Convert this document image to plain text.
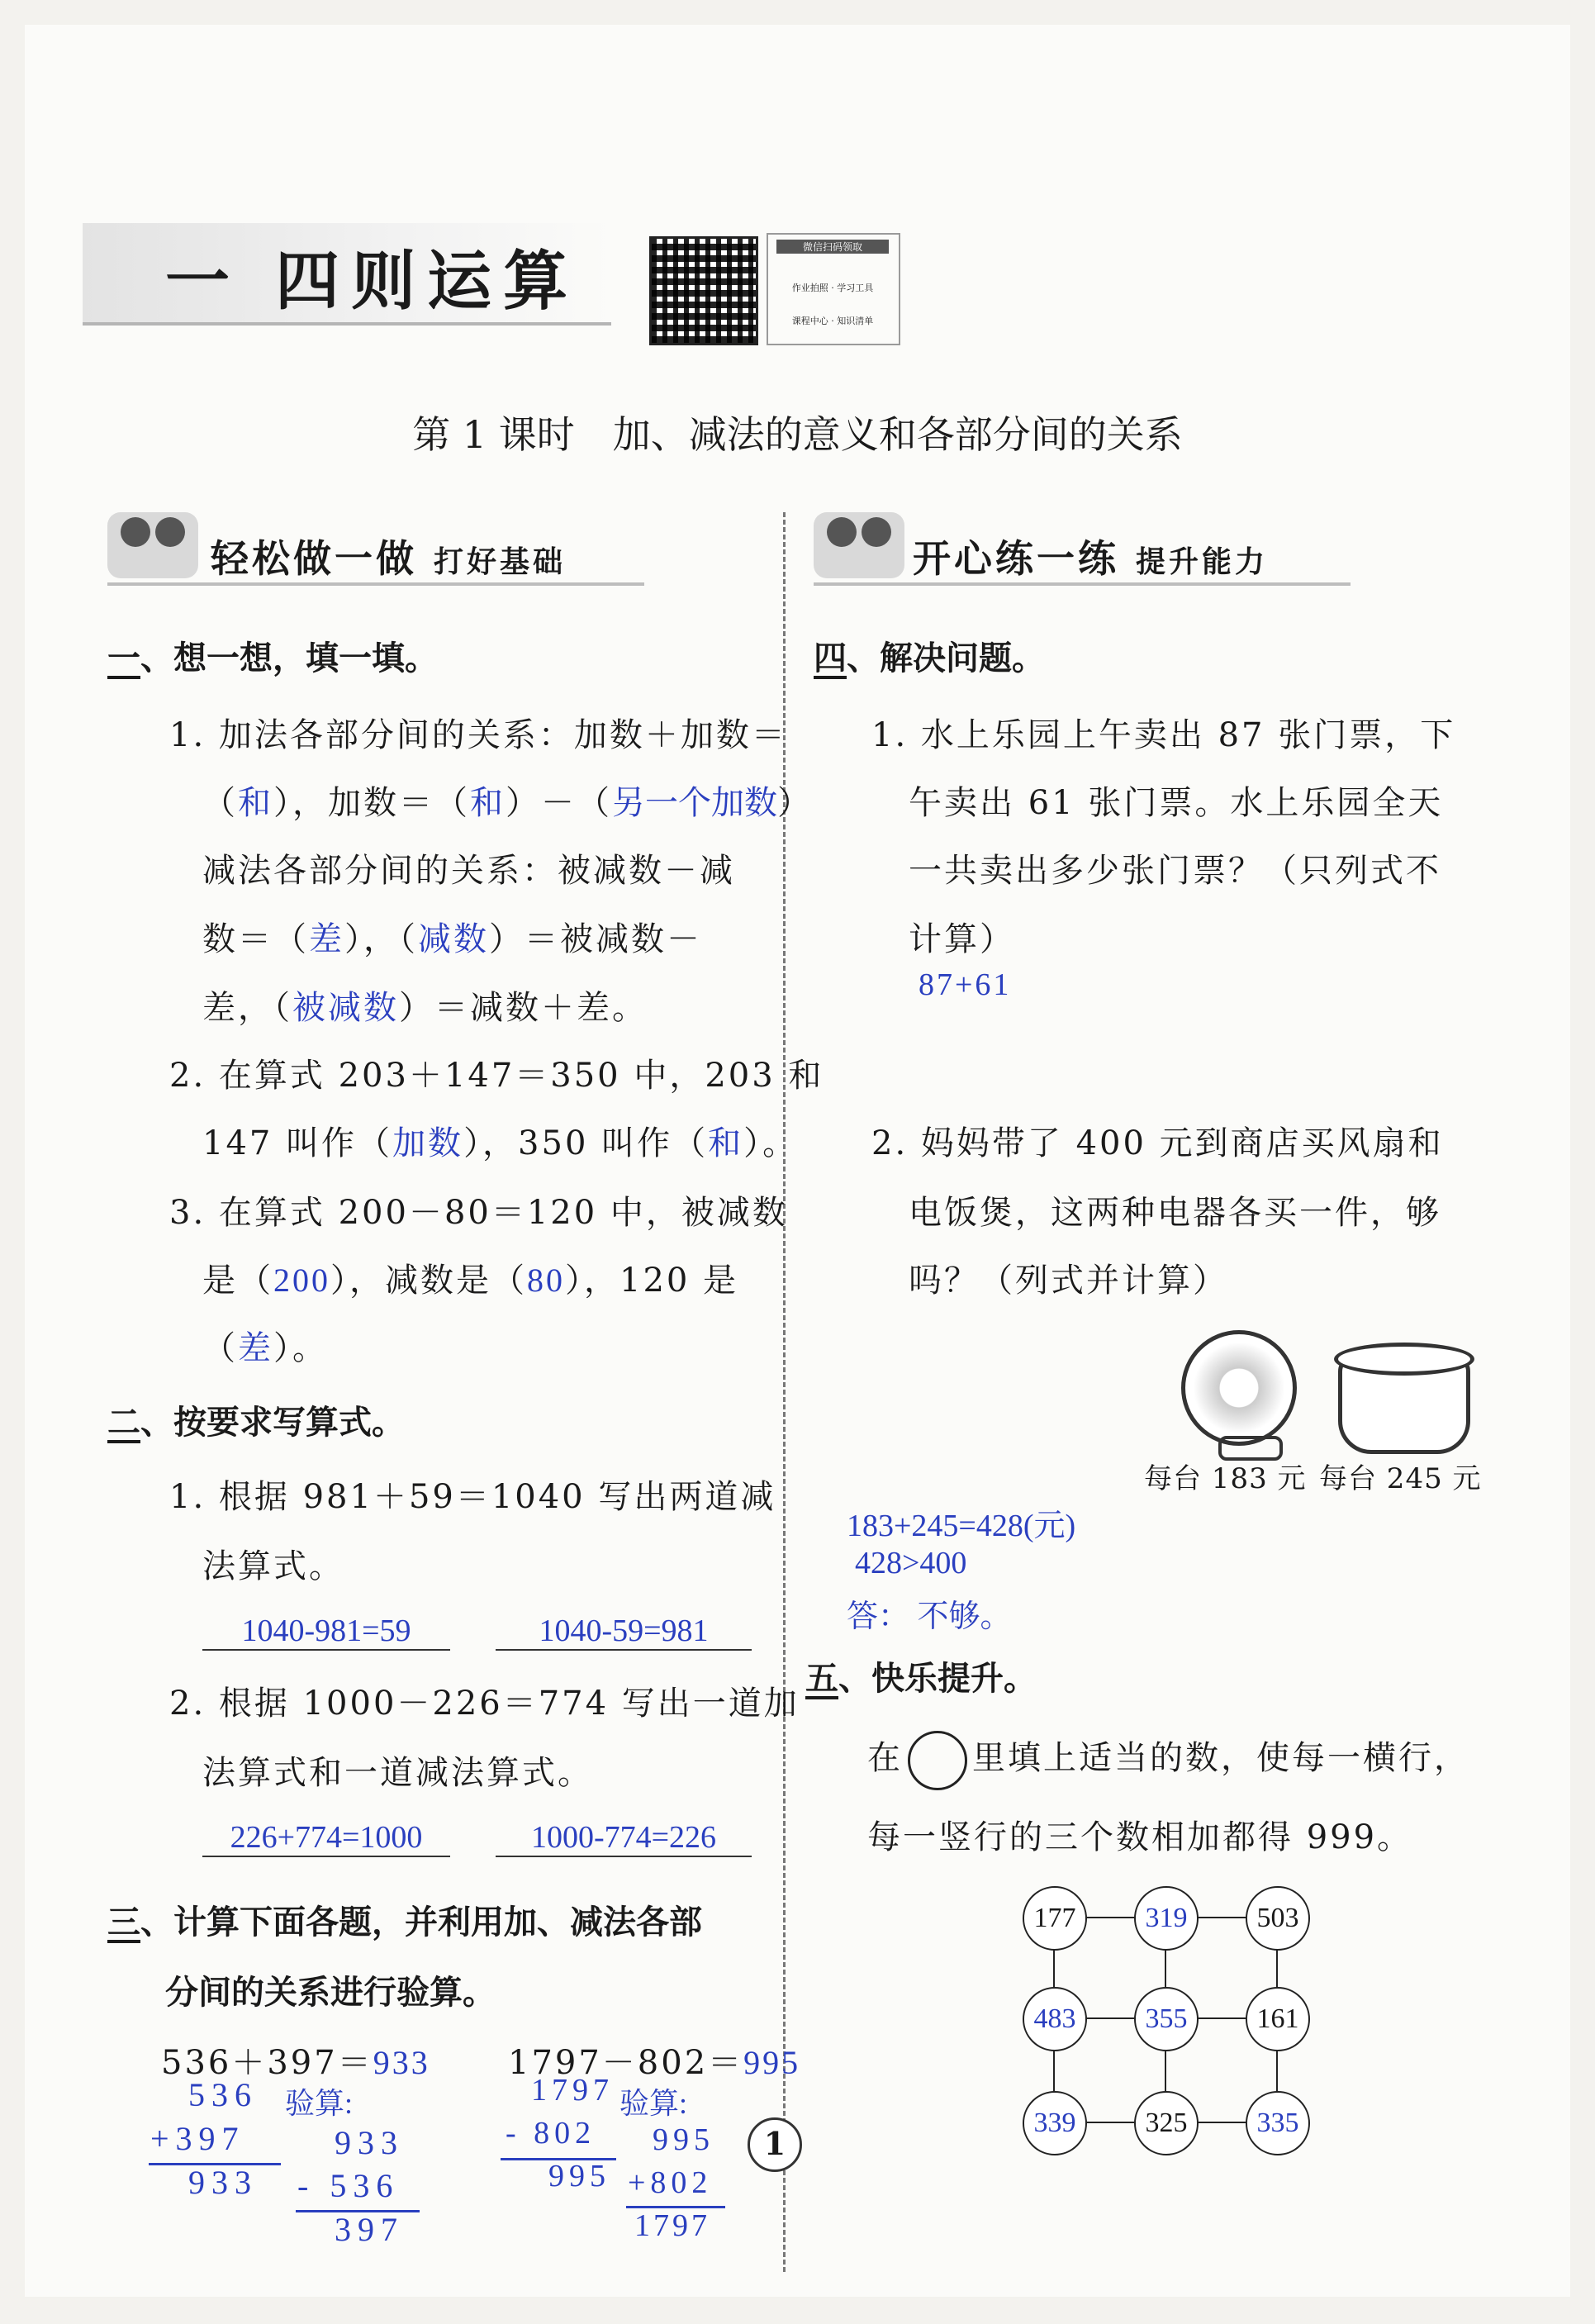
一 四则运算	微信扫码领取
作业拍照 · 学习工具
课程中心 · 知识清单
第 1 课时　加、减法的意义和各部分间的关系
轻松做一做 打好基础	开心练一练 提升能力
一、想一想，填一填。
1. 加法各部分间的关系：加数＋加数＝
（和），加数＝（和）－（另一个加数）
减法各部分间的关系：被减数－减
数＝（差），（减数）＝被减数－
差，（被减数）＝减数＋差。
2. 在算式 203＋147＝350 中，203 和
147 叫作（加数），350 叫作（和）。
3. 在算式 200－80＝120 中，被减数
是（200），减数是（80），120 是
（差）。
二、按要求写算式。
1. 根据 981＋59＝1040 写出两道减
法算式。
1040-981=59	1040-59=981
2. 根据 1000－226＝774 写出一道加
法算式和一道减法算式。
226+774=1000	1000-774=226
三、计算下面各题，并利用加、减法各部
分间的关系进行验算。
536＋397＝933 1797－802＝995
536
+397
933
验算:
933
- 536
397
1797
- 802
995
验算:
995
+802
1797
四、解决问题。
1. 水上乐园上午卖出 87 张门票，下
午卖出 61 张门票。水上乐园全天
一共卖出多少张门票？（只列式不
计算）
87+61
2. 妈妈带了 400 元到商店买风扇和
电饭煲，这两种电器各买一件，够
吗？（列式并计算）
每台 183 元 每台 245 元
183+245=428(元)
428>400
答： 不够。
五、快乐提升。
在 里填上适当的数，使每一横行，
每一竖行的三个数相加都得 999。
177	319	503
483	355	161
339	325	335
1
